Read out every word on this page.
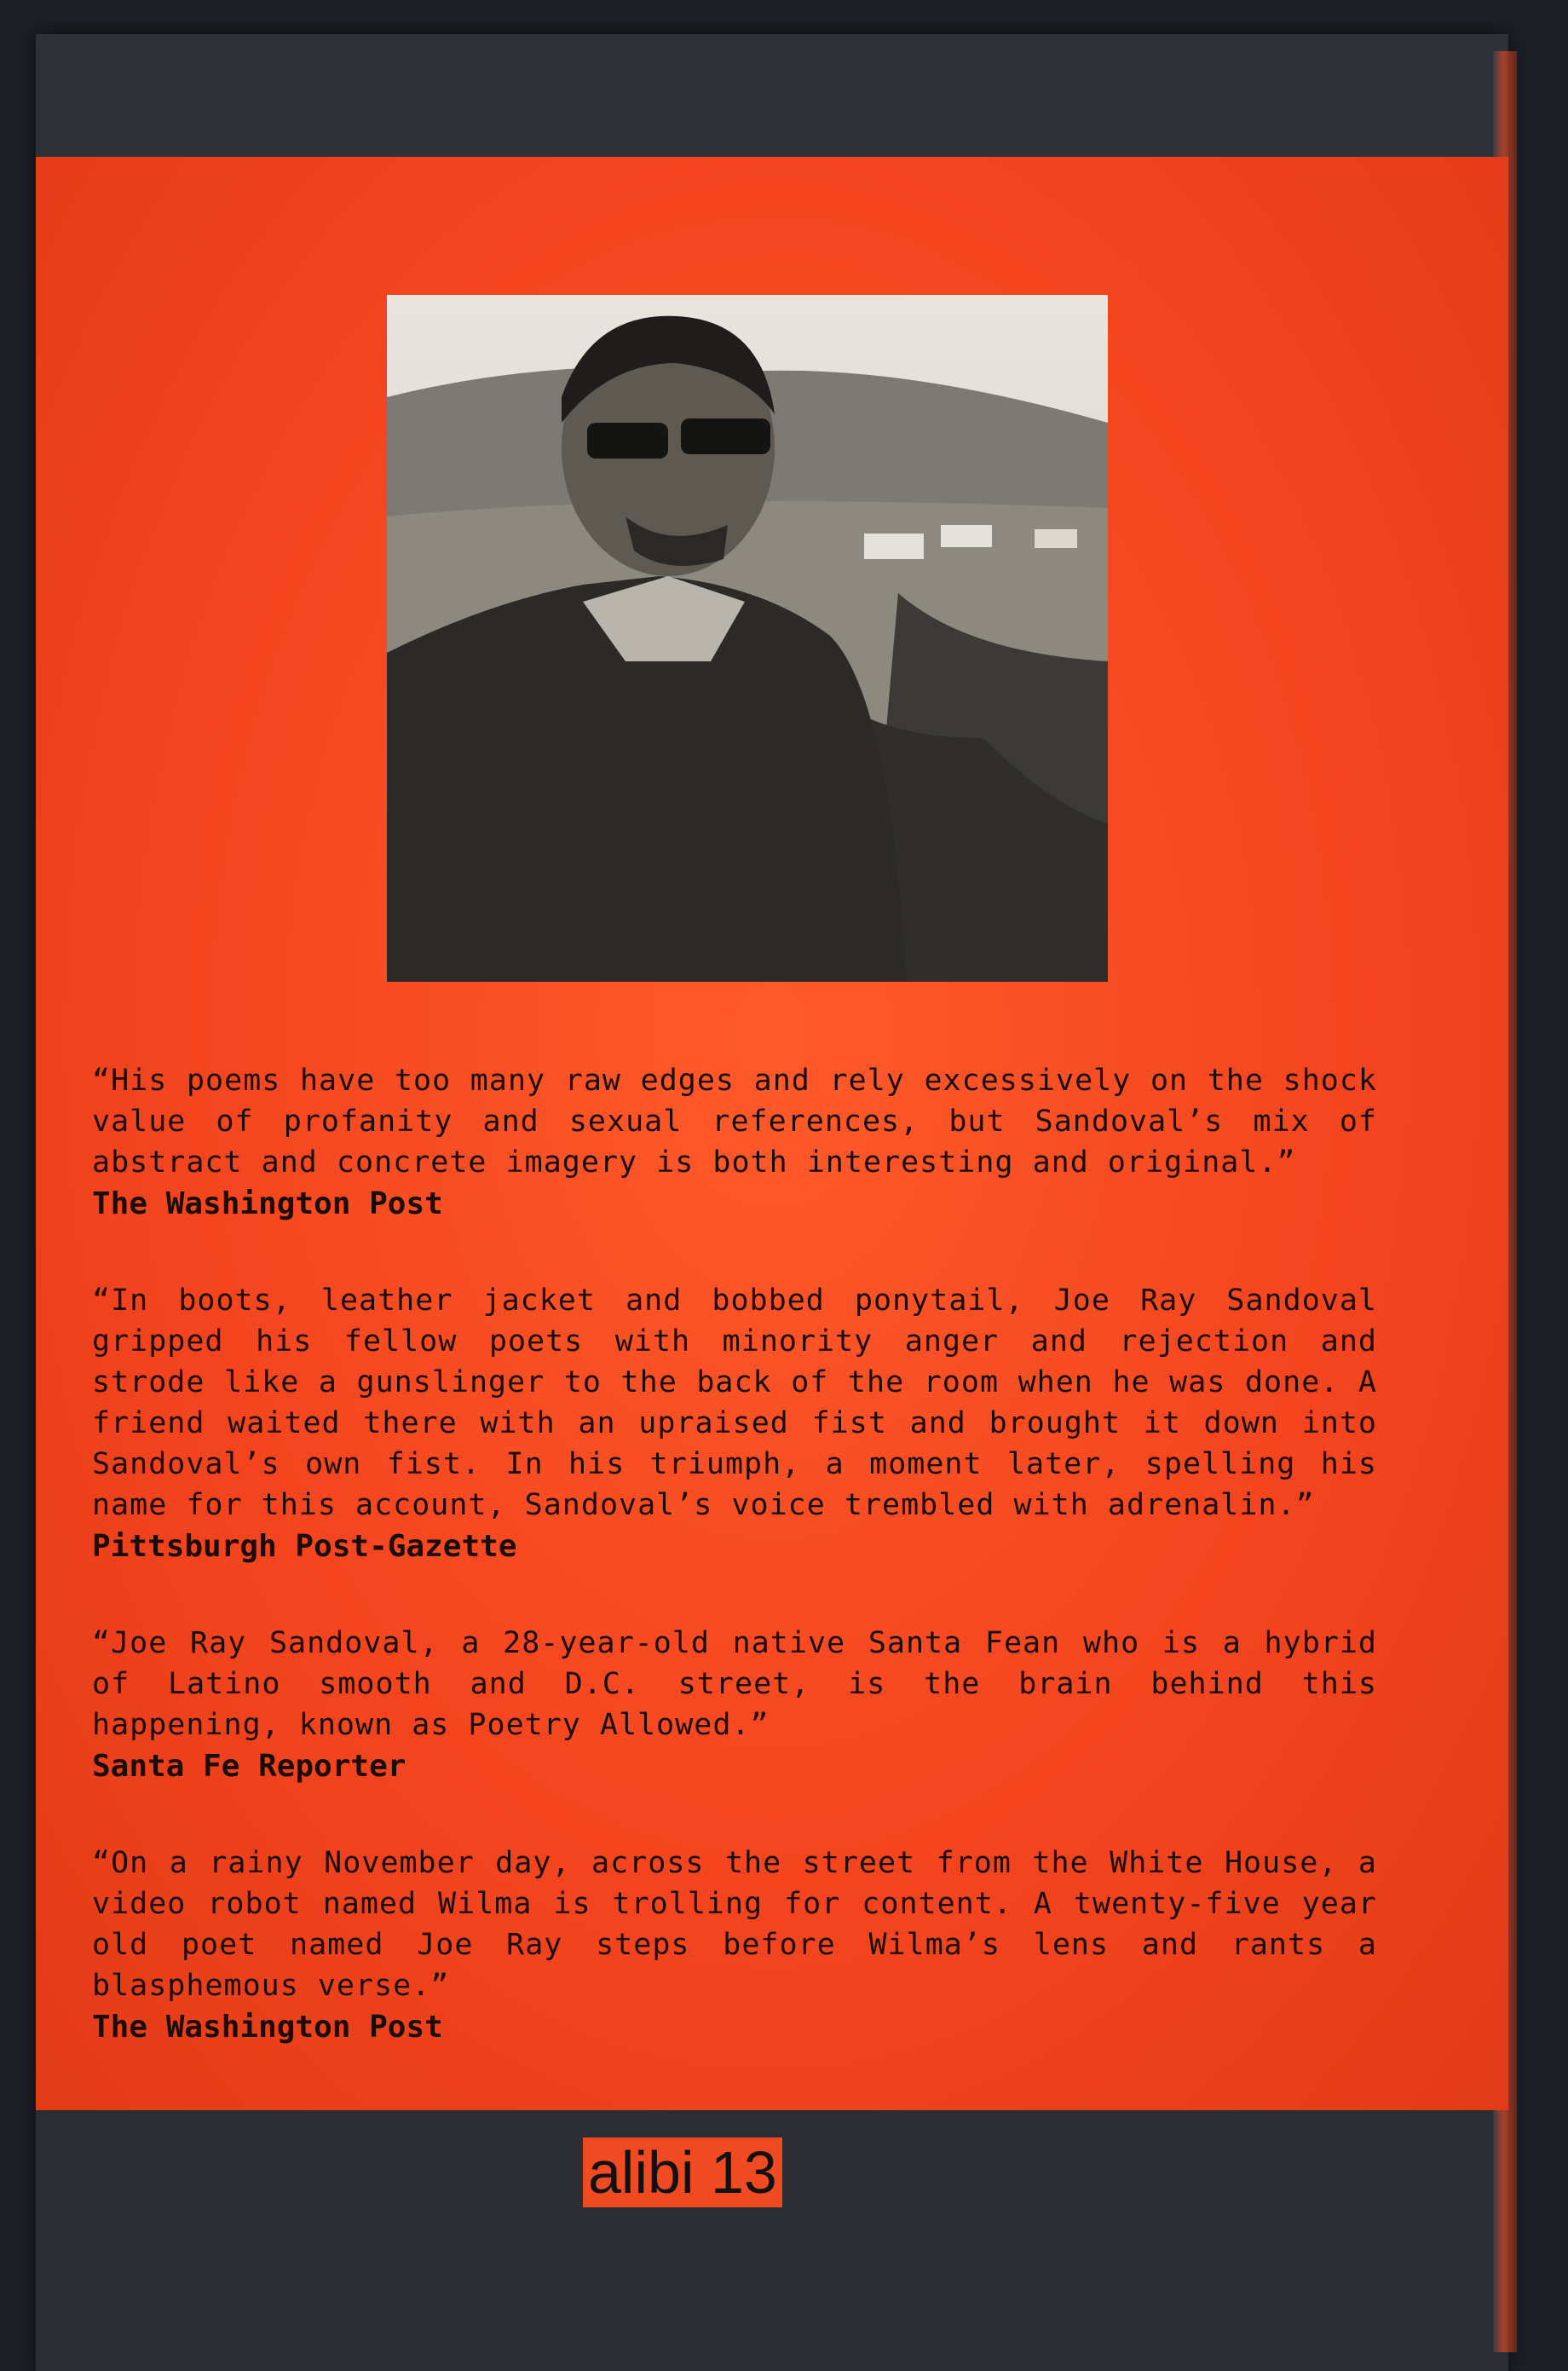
“His poems have too many raw edges and rely excessively on the shock value of profanity and sexual references, but Sandoval’s mix of abstract and concrete imagery is both interesting and original.”

The Washington Post

“In boots, leather jacket and bobbed ponytail, Joe Ray Sandoval gripped his fellow poets with minority anger and rejection and strode like a gunslinger to the back of the room when he was done. A friend waited there with an upraised fist and brought it down into Sandoval’s own fist. In his triumph, a moment later, spelling his name for this account, Sandoval’s voice trembled with adrenalin.”

Pittsburgh Post-Gazette

“Joe Ray Sandoval, a 28-year-old native Santa Fean who is a hybrid of Latino smooth and D.C. street, is the brain behind this happening, known as Poetry Allowed.”

Santa Fe Reporter

“On a rainy November day, across the street from the White House, a video robot named Wilma is trolling for content. A twenty-five year old poet named Joe Ray steps before Wilma’s lens and rants a blasphemous verse.”

The Washington Post

alibi 13
